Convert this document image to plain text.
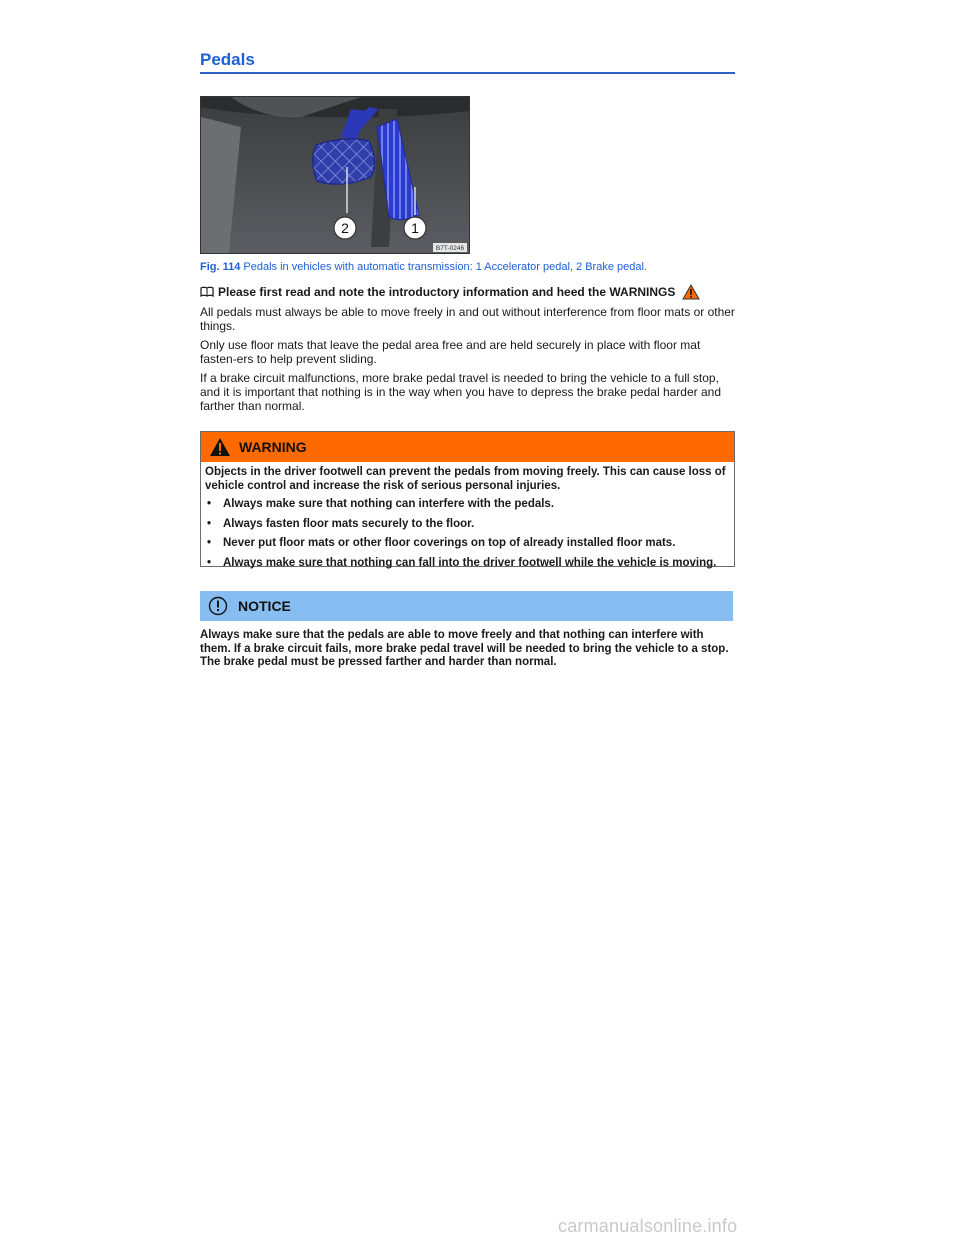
Pedals
2	1
B7T-0246
Fig. 114 Pedals in vehicles with automatic transmission: 1 Accelerator pedal, 2 Brake pedal.
Please first read and note the introductory information and heed the WARNINGS

All pedals must always be able to move freely in and out without interference from floor mats or other things.

Only use floor mats that leave the pedal area free and are held securely in place with floor mat fasten-ers to help prevent sliding.

If a brake circuit malfunctions, more brake pedal travel is needed to bring the vehicle to a full stop, and it is important that nothing is in the way when you have to depress the brake pedal harder and farther than normal.

WARNING

Objects in the driver footwell can prevent the pedals from moving freely. This can cause loss of vehicle control and increase the risk of serious personal injuries.

• Always make sure that nothing can interfere with the pedals.
• Always fasten floor mats securely to the floor.
• Never put floor mats or other floor coverings on top of already installed floor mats.
• Always make sure that nothing can fall into the driver footwell while the vehicle is moving.
NOTICE

Always make sure that the pedals are able to move freely and that nothing can interfere with them. If a brake circuit fails, more brake pedal travel will be needed to bring the vehicle to a stop. The brake pedal must be pressed farther and harder than normal.

carmanualsonline.info
